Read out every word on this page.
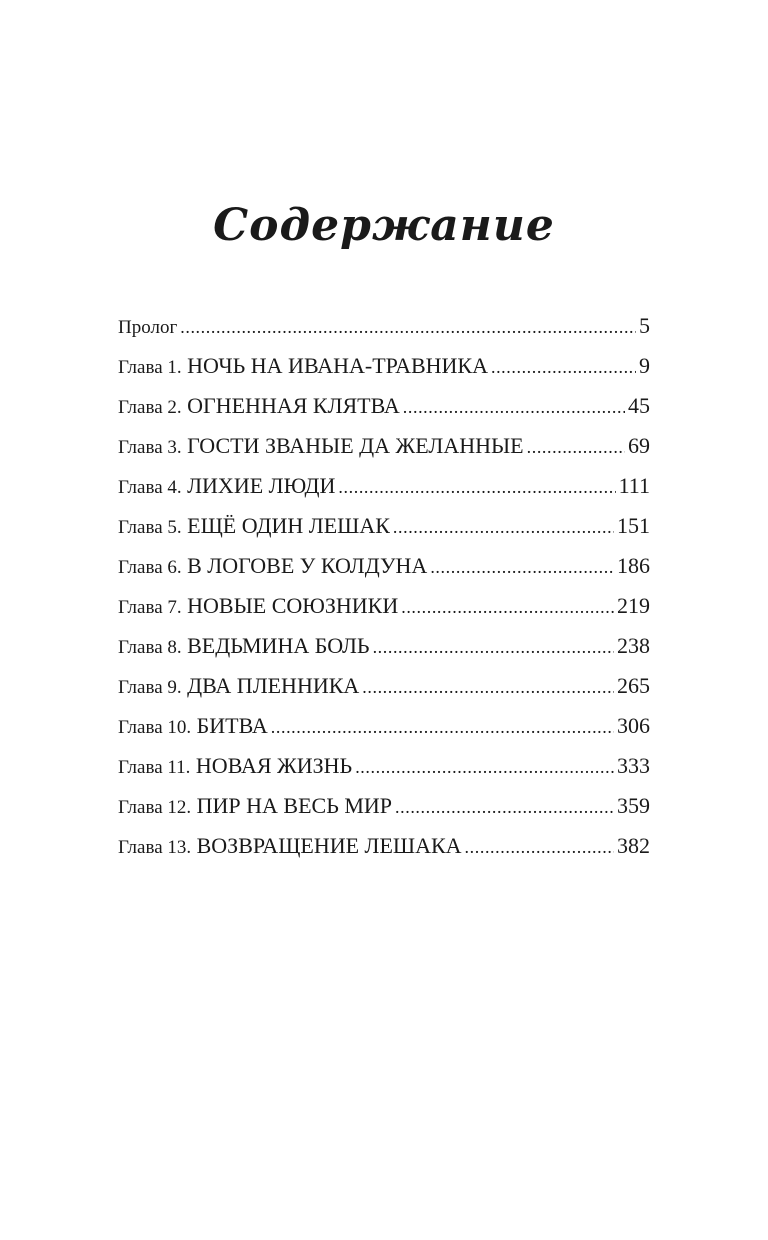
Содержание
Пролог .....	5
Глава 1. НОЧЬ НА ИВАНА-ТРАВНИКА .....	9
Глава 2. ОГНЕННАЯ КЛЯТВА .....	45
Глава 3. ГОСТИ ЗВАНЫЕ ДА ЖЕЛАННЫЕ .....	69
Глава 4. ЛИХИЕ ЛЮДИ .....	111
Глава 5. ЕЩЁ ОДИН ЛЕШАК .....	151
Глава 6. В ЛОГОВЕ У КОЛДУНА .....	186
Глава 7. НОВЫЕ СОЮЗНИКИ .....	219
Глава 8. ВЕДЬМИНА БОЛЬ .....	238
Глава 9. ДВА ПЛЕННИКА .....	265
Глава 10. БИТВА .....	306
Глава 11. НОВАЯ ЖИЗНЬ .....	333
Глава 12. ПИР НА ВЕСЬ МИР .....	359
Глава 13. ВОЗВРАЩЕНИЕ ЛЕШАКА .....	382
